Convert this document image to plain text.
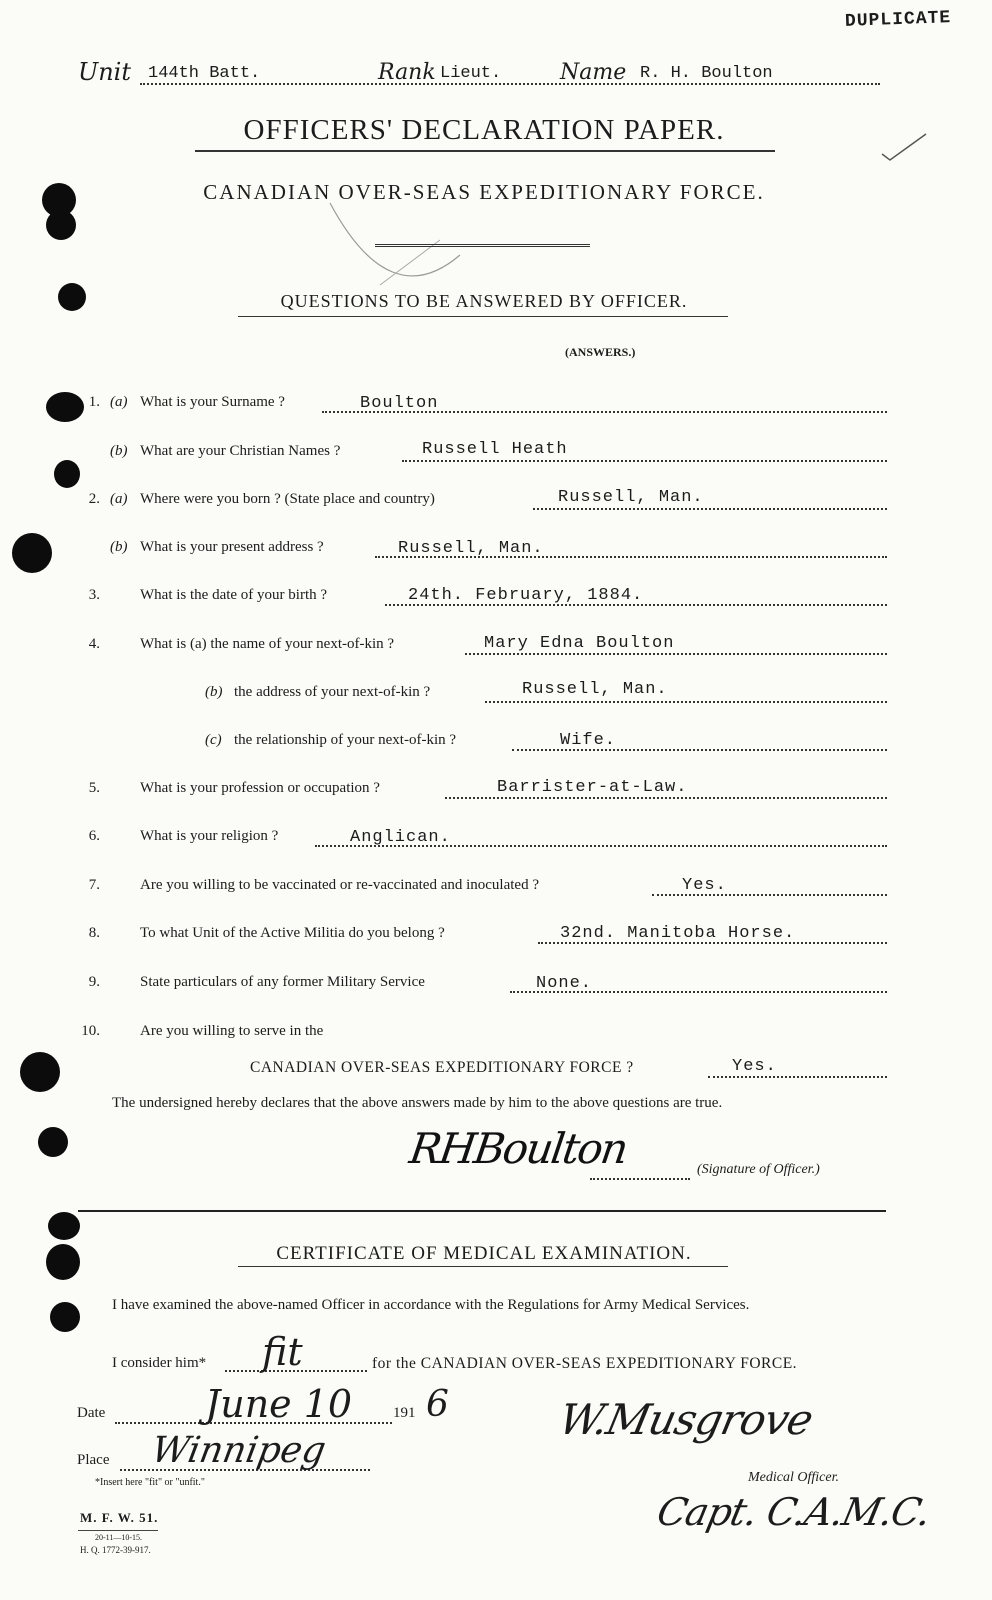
DUPLICATE
Unit 144th Batt.	Rank Lieut.	Name R. H. Boulton
OFFICERS' DECLARATION PAPER.
CANADIAN OVER-SEAS EXPEDITIONARY FORCE.
QUESTIONS TO BE ANSWERED BY OFFICER.
(ANSWERS.)
1. (a) What is your Surname ?	Boulton
(b) What are your Christian Names ?	Russell Heath
2. (a) Where were you born ? (State place and country)	Russell, Man.
(b) What is your present address ?	Russell, Man.
3.	What is the date of your birth ?	24th. February, 1884.
4.	What is (a) the name of your next-of-kin ?	Mary Edna Boulton
(b) the address of your next-of-kin ?	Russell, Man.
(c) the relationship of your next-of-kin ?	Wife.
5.	What is your profession or occupation ?	Barrister-at-Law.
6.	What is your religion ?	Anglican.
7.	Are you willing to be vaccinated or re-vaccinated and inoculated ?	Yes.
8.	To what Unit of the Active Militia do you belong ?	32nd. Manitoba Horse.
9.	State particulars of any former Military Service	None.
10.	Are you willing to serve in the
CANADIAN OVER-SEAS EXPEDITIONARY FORCE ?	Yes.
The undersigned hereby declares that the above answers made by him to the above questions are true.
RHBoulton	(Signature of Officer.)
CERTIFICATE OF MEDICAL EXAMINATION.
I have examined the above-named Officer in accordance with the Regulations for Army Medical Services.
I consider him* fit	for the CANADIAN OVER-SEAS EXPEDITIONARY FORCE.
Date	June 10	191 6
Place Winnipeg
*Insert here "fit" or "unfit."
W.Musgrove
Medical Officer.
Capt. C.A.M.C.
M. F. W. 51.
20-11—10-15.
H. Q. 1772-39-917.
